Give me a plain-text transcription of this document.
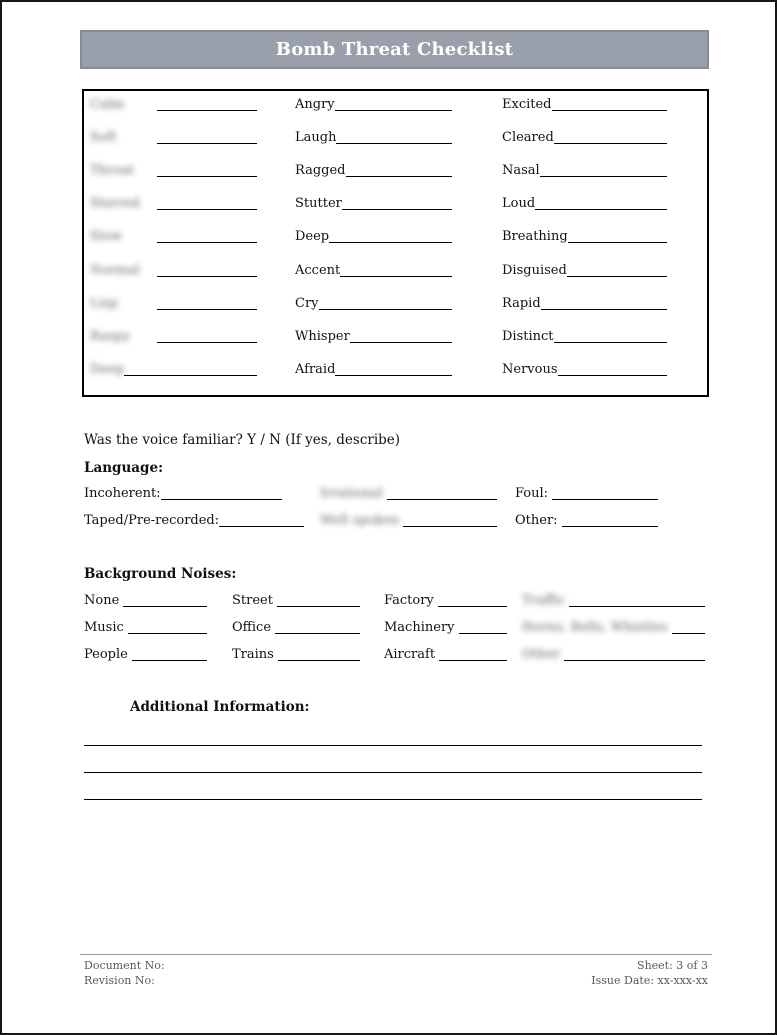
Bomb Threat Checklist
Calm	Angry	Excited
Soft	Laugh	Cleared
Throat	Ragged	Nasal
Slurred	Stutter	Loud
Slow	Deep	Breathing
Normal	Accent	Disguised
Lisp	Cry	Rapid
Raspy	Whisper	Distinct
Deep	Afraid	Nervous
Was the voice familiar? Y / N (If yes, describe)
Language:
Incoherent:	Irrational	Foul:
Taped/Pre-recorded:	Well spoken	Other:
Background Noises:
None	Street	Factory	Traffic
Music	Office	Machinery	Horns, Bells, Whistles
People	Trains	Aircraft	Other
Additional Information:
Document No:
Revision No:
Sheet: 3 of 3
Issue Date: xx-xxx-xx
